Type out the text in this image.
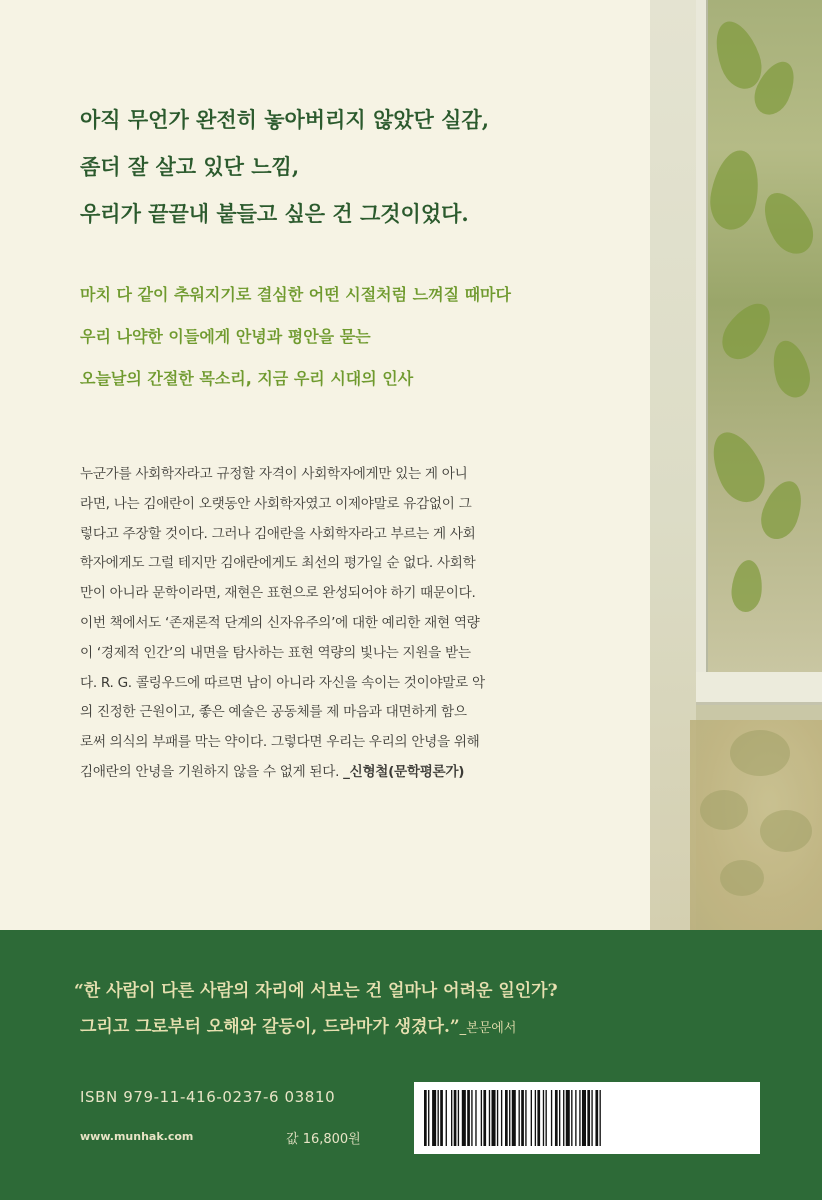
아직 무언가 완전히 놓아버리지 않았단 실감,

좀더 잘 살고 있단 느낌,

우리가 끝끝내 붙들고 싶은 건 그것이었다.

마치 다 같이 추워지기로 결심한 어떤 시절처럼 느껴질 때마다

우리 나약한 이들에게 안녕과 평안을 묻는

오늘날의 간절한 목소리, 지금 우리 시대의 인사

누군가를 사회학자라고 규정할 자격이 사회학자에게만 있는 게 아니

라면, 나는 김애란이 오랫동안 사회학자였고 이제야말로 유감없이 그

렇다고 주장할 것이다. 그러나 김애란을 사회학자라고 부르는 게 사회

학자에게도 그럴 테지만 김애란에게도 최선의 평가일 순 없다. 사회학

만이 아니라 문학이라면, 재현은 표현으로 완성되어야 하기 때문이다.

이번 책에서도 ‘존재론적 단계의 신자유주의’에 대한 예리한 재현 역량

이 ‘경제적 인간’의 내면을 탐사하는 표현 역량의 빛나는 지원을 받는

다. R. G. 콜링우드에 따르면 남이 아니라 자신을 속이는 것이야말로 악

의 진정한 근원이고, 좋은 예술은 공동체를 제 마음과 대면하게 함으

로써 의식의 부패를 막는 약이다. 그렇다면 우리는 우리의 안녕을 위해

김애란의 안녕을 기원하지 않을 수 없게 된다. _신형철(문학평론가)

“한 사람이 다른 사람의 자리에 서보는 건 얼마나 어려운 일인가?

그리고 그로부터 오해와 갈등이, 드라마가 생겼다.”_본문에서

ISBN 979-11-416-0237-6 03810
www.munhak.com	값 16,800원
